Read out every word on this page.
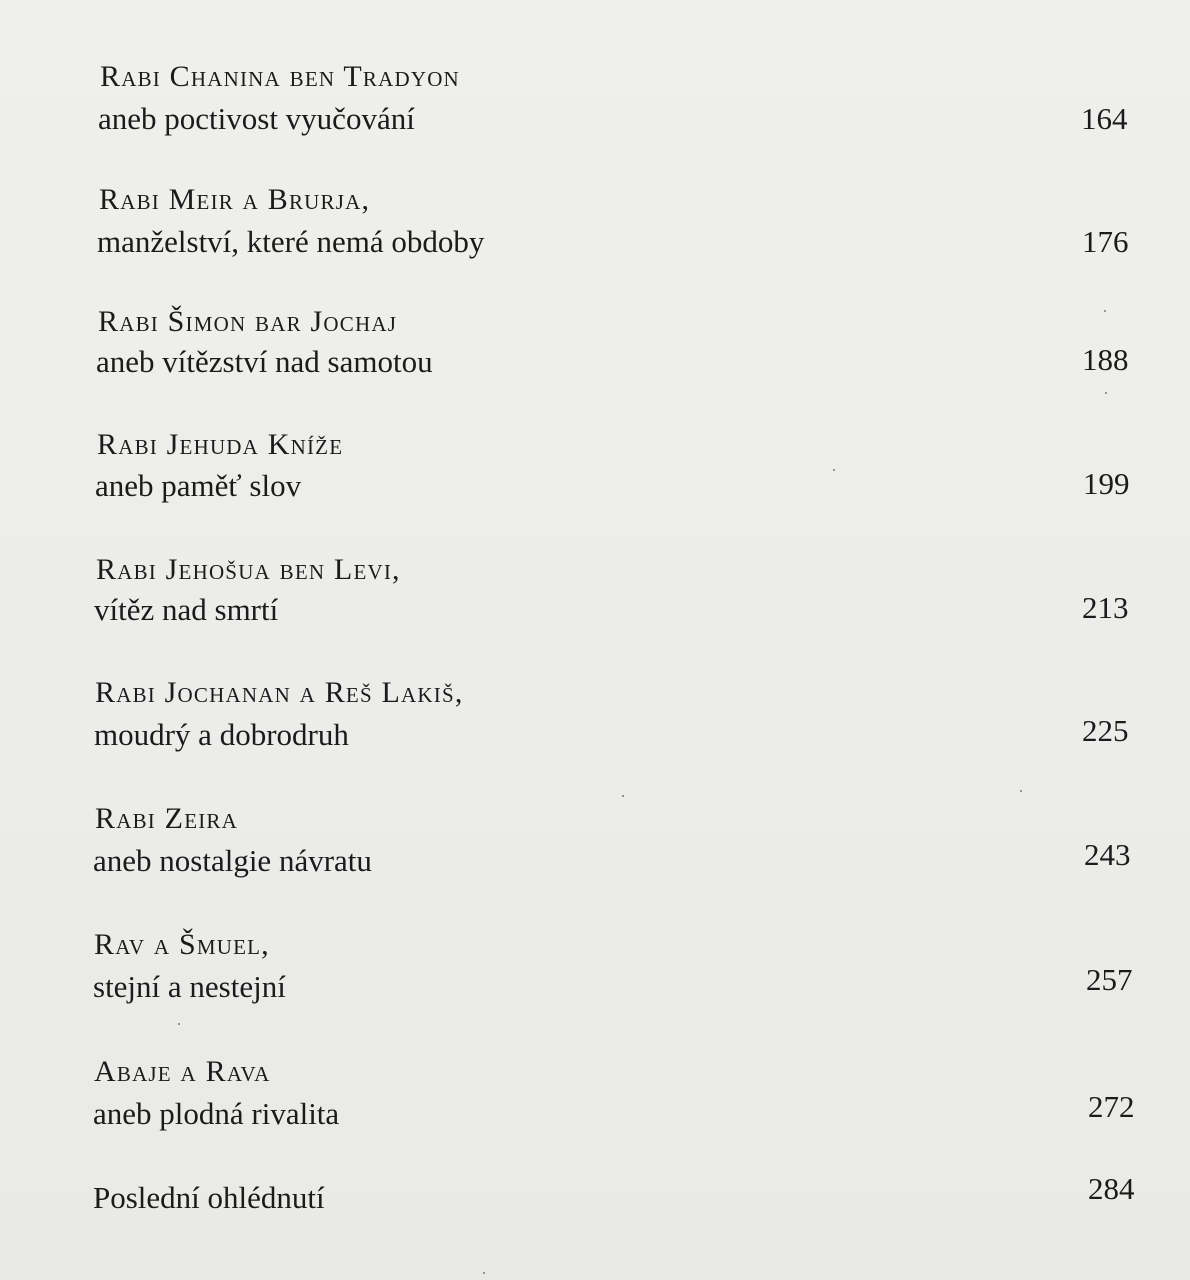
Rabi Chanina ben Tradyon
aneb poctivost vyučování	164
Rabi Meir a Brurja,
manželství, které nemá obdoby	176
Rabi Šimon bar Jochaj
aneb vítězství nad samotou	188
Rabi Jehuda Kníže
aneb paměť slov	199
Rabi Jehošua ben Levi,
vítěz nad smrtí	213
Rabi Jochanan a Reš Lakiš,
moudrý a dobrodruh	225
Rabi Zeira
aneb nostalgie návratu	243
Rav a Šmuel,
stejní a nestejní	257
Abaje a Rava
aneb plodná rivalita	272
Poslední ohlédnutí	284
